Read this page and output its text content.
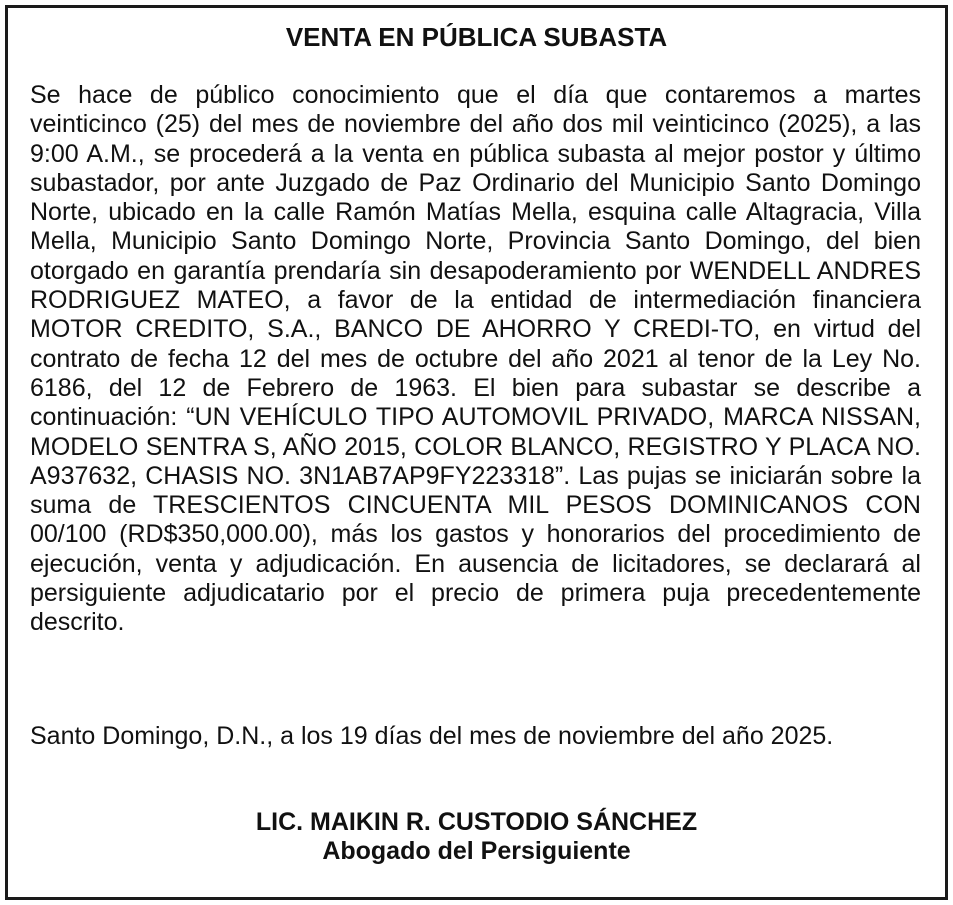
VENTA EN PÚBLICA SUBASTA

Se hace de público conocimiento que el día que contaremos a martes veinticinco (25) del mes de noviembre del año dos mil veinticinco (2025), a las 9:00 A.M., se procederá a la venta en pública subasta al mejor postor y último subastador, por ante Juzgado de Paz Ordinario del Municipio Santo Domingo Norte, ubicado en la calle Ramón Matías Mella, esquina calle Altagracia, Villa Mella, Municipio Santo Domingo Norte, Provincia Santo Domingo, del bien otorgado en garantía prendaría sin desapoderamiento por WENDELL ANDRES RODRIGUEZ MATEO, a favor de la entidad de intermediación financiera MOTOR CREDITO, S.A., BANCO DE AHORRO Y CREDI-TO, en virtud del contrato de fecha 12 del mes de octubre del año 2021 al tenor de la Ley No. 6186, del 12 de Febrero de 1963. El bien para subastar se describe a continuación: “UN VEHÍCULO TIPO AUTOMOVIL PRIVADO, MARCA NISSAN, MODELO SENTRA S, AÑO 2015, COLOR BLANCO, REGISTRO Y PLACA NO. A937632, CHASIS NO. 3N1AB7AP9FY223318”. Las pujas se iniciarán sobre la suma de TRESCIENTOS CINCUENTA MIL PESOS DOMINICANOS CON 00/100 (RD$350,000.00), más los gastos y honorarios del procedimiento de ejecución, venta y adjudicación. En ausencia de licitadores, se declarará al persiguiente adjudicatario por el precio de primera puja precedentemente descrito.

Santo Domingo, D.N., a los 19 días del mes de noviembre del año 2025.

LIC. MAIKIN R. CUSTODIO SÁNCHEZ
Abogado del Persiguiente
